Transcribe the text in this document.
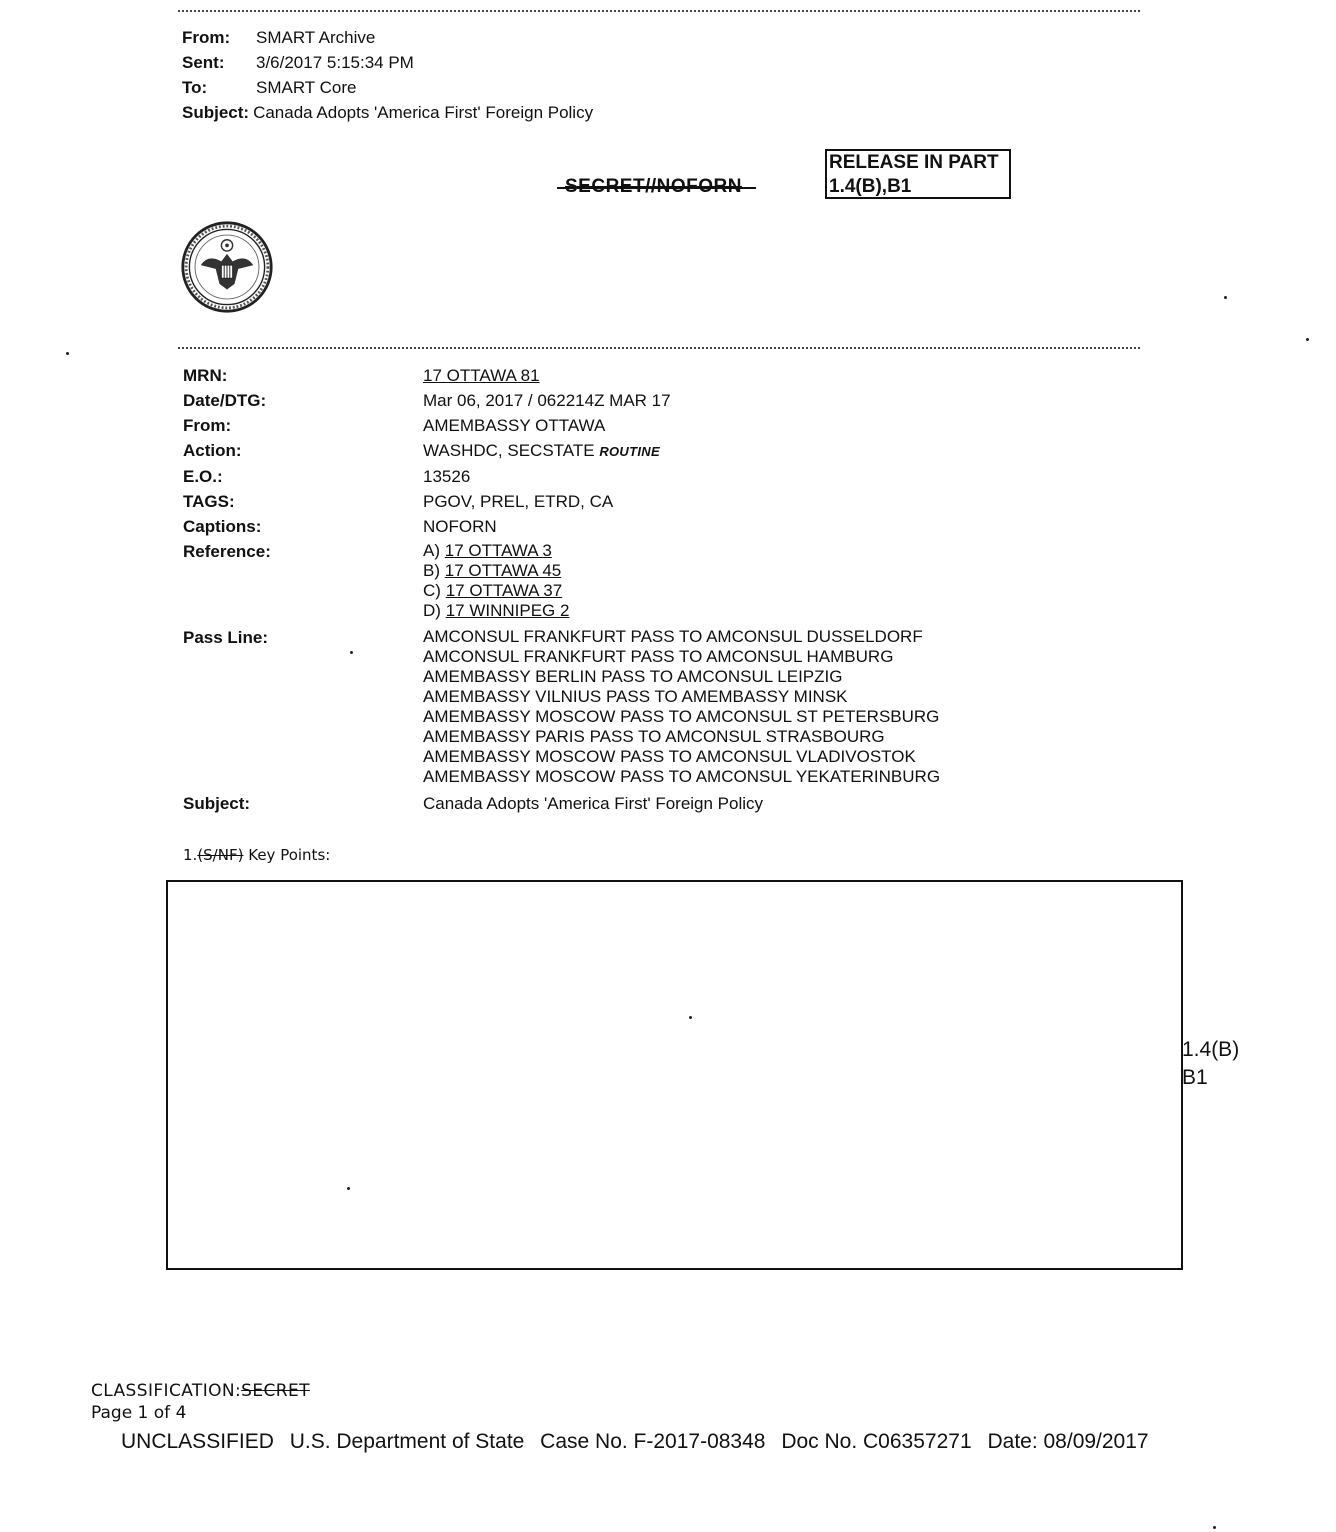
From:	SMART Archive
Sent:	3/6/2017 5:15:34 PM
To:	SMART Core
Subject: Canada Adopts 'America First' Foreign Policy
SECRET//NOFORN
RELEASE IN PART
1.4(B),B1
MRN:	17 OTTAWA 81
Date/DTG:	Mar 06, 2017 / 062214Z MAR 17
From:	AMEMBASSY OTTAWA
Action:	WASHDC, SECSTATE ROUTINE
E.O.:	13526
TAGS:	PGOV, PREL, ETRD, CA
Captions:	NOFORN
Reference:	A) 17 OTTAWA 3
B) 17 OTTAWA 45
C) 17 OTTAWA 37
D) 17 WINNIPEG 2
Pass Line:	AMCONSUL FRANKFURT PASS TO AMCONSUL DUSSELDORF
AMCONSUL FRANKFURT PASS TO AMCONSUL HAMBURG
AMEMBASSY BERLIN PASS TO AMCONSUL LEIPZIG
AMEMBASSY VILNIUS PASS TO AMEMBASSY MINSK
AMEMBASSY MOSCOW PASS TO AMCONSUL ST PETERSBURG
AMEMBASSY PARIS PASS TO AMCONSUL STRASBOURG
AMEMBASSY MOSCOW PASS TO AMCONSUL VLADIVOSTOK
AMEMBASSY MOSCOW PASS TO AMCONSUL YEKATERINBURG
Subject:	Canada Adopts 'America First' Foreign Policy
1.(S/NF) Key Points:
1.4(B)
B1
CLASSIFICATION:SECRET
Page 1 of 4
UNCLASSIFIED U.S. Department of State Case No. F-2017-08348 Doc No. C06357271 Date: 08/09/2017
